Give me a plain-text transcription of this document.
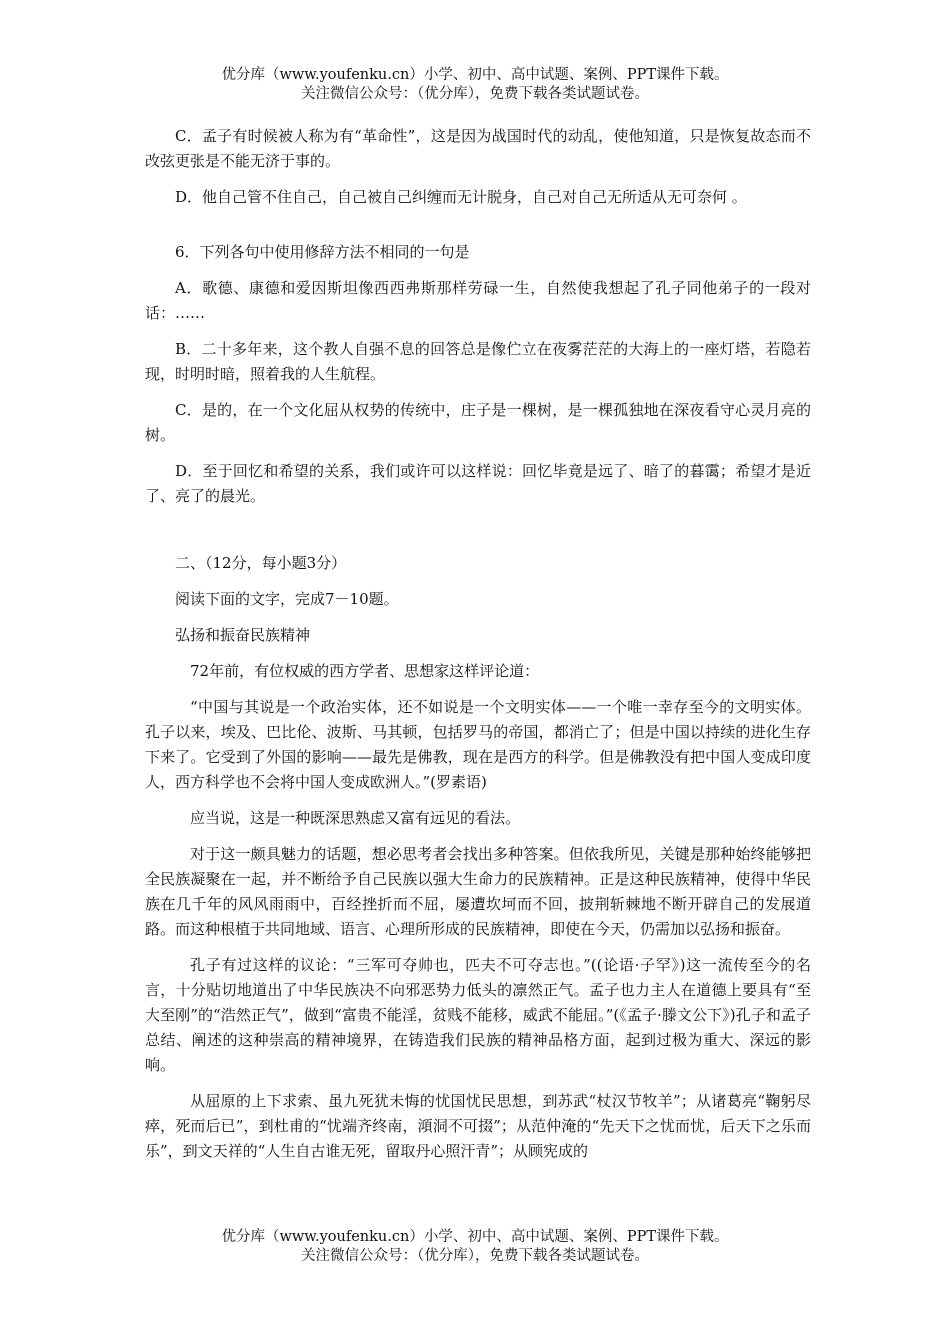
优分库（www.youfenku.cn）小学、初中、高中试题、案例、PPT课件下载。
关注微信公众号：（优分库），免费下载各类试题试卷。

C．孟子有时候被人称为有“革命性”，这是因为战国时代的动乱，使他知道，只是恢复故态而不改弦更张是不能无济于事的。

D．他自己管不住自己，自己被自己纠缠而无计脱身，自己对自己无所适从无可奈何 。

6．下列各句中使用修辞方法不相同的一句是

A．歌德、康德和爱因斯坦像西西弗斯那样劳碌一生，自然使我想起了孔子同他弟子的一段对话：……

B．二十多年来，这个教人自强不息的回答总是像伫立在夜雾茫茫的大海上的一座灯塔，若隐若现，时明时暗，照着我的人生航程。

C．是的，在一个文化屈从权势的传统中，庄子是一棵树，是一棵孤独地在深夜看守心灵月亮的树。

D．至于回忆和希望的关系，我们或许可以这样说：回忆毕竟是远了、暗了的暮霭；希望才是近了、亮了的晨光。

二、（12分，每小题3分）

阅读下面的文字，完成7－10题。

弘扬和振奋民族精神

72年前，有位权威的西方学者、思想家这样评论道：

“中国与其说是一个政治实体，还不如说是一个文明实体——一个唯一幸存至今的文明实体。孔子以来，埃及、巴比伦、波斯、马其顿，包括罗马的帝国，都消亡了；但是中国以持续的进化生存下来了。它受到了外国的影响——最先是佛教，现在是西方的科学。但是佛教没有把中国人变成印度人，西方科学也不会将中国人变成欧洲人。”(罗素语)

应当说，这是一种既深思熟虑又富有远见的看法。

对于这一颇具魅力的话题，想必思考者会找出多种答案。但依我所见，关键是那种始终能够把全民族凝聚在一起，并不断给予自己民族以强大生命力的民族精神。正是这种民族精神，使得中华民族在几千年的风风雨雨中，百经挫折而不屈，屡遭坎坷而不回，披荆斩棘地不断开辟自己的发展道路。而这种根植于共同地域、语言、心理所形成的民族精神，即使在今天，仍需加以弘扬和振奋。

孔子有过这样的议论：“三军可夺帅也，匹夫不可夺志也。”((论语·子罕》)这一流传至今的名言，十分贴切地道出了中华民族决不向邪恶势力低头的凛然正气。孟子也力主人在道德上要具有“至大至刚”的“浩然正气”，做到“富贵不能淫，贫贱不能移，威武不能屈。”(《孟子·滕文公下》)孔子和孟子总结、阐述的这种崇高的精神境界，在铸造我们民族的精神品格方面，起到过极为重大、深远的影响。

从屈原的上下求索、虽九死犹未悔的忧国忧民思想，到苏武“杖汉节牧羊”；从诸葛亮“鞠躬尽瘁，死而后已”，到杜甫的“忧端齐终南，澒洞不可掇”；从范仲淹的“先天下之忧而忧，后天下之乐而乐”，到文天祥的“人生自古谁无死，留取丹心照汗青”；从顾宪成的

优分库（www.youfenku.cn）小学、初中、高中试题、案例、PPT课件下载。
关注微信公众号：（优分库），免费下载各类试题试卷。
